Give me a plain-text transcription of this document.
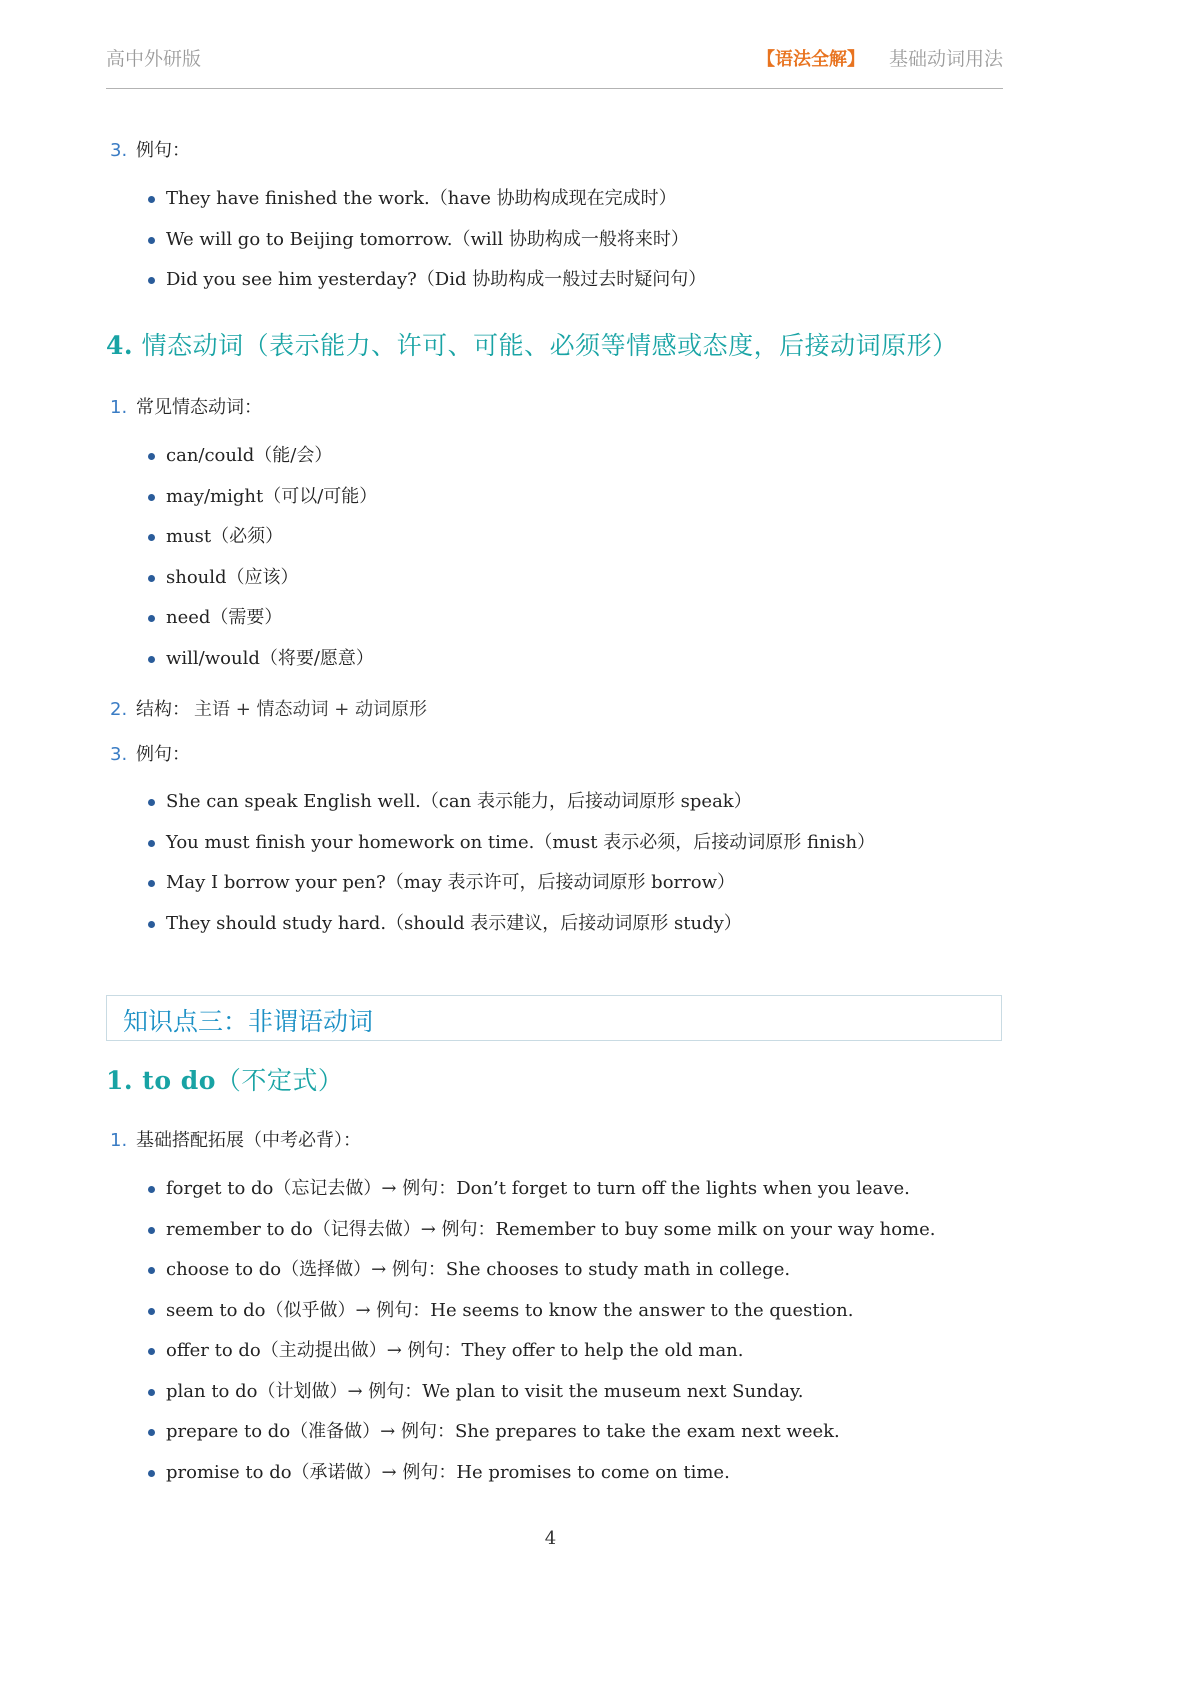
高中外研版	【语法全解】 基础动词用法
3. 例句：
They have finished the work.（have 协助构成现在完成时）
We will go to Beijing tomorrow.（will 协助构成一般将来时）
Did you see him yesterday?（Did 协助构成一般过去时疑问句）
4. 情态动词（表示能力、许可、可能、必须等情感或态度，后接动词原形）
1. 常见情态动词：
can/could（能/会）
may/might（可以/可能）
must（必须）
should（应该）
need（需要）
will/would（将要/愿意）
2. 结构： 主语 + 情态动词 + 动词原形
3. 例句：
She can speak English well.（can 表示能力，后接动词原形 speak）
You must finish your homework on time.（must 表示必须，后接动词原形 finish）
May I borrow your pen?（may 表示许可，后接动词原形 borrow）
They should study hard.（should 表示建议，后接动词原形 study）
知识点三：非谓语动词
1. to do（不定式）
1. 基础搭配拓展（中考必背）：
forget to do（忘记去做）→ 例句：Don’t forget to turn off the lights when you leave.
remember to do（记得去做）→ 例句：Remember to buy some milk on your way home.
choose to do（选择做）→ 例句：She chooses to study math in college.
seem to do（似乎做）→ 例句：He seems to know the answer to the question.
offer to do（主动提出做）→ 例句：They offer to help the old man.
plan to do（计划做）→ 例句：We plan to visit the museum next Sunday.
prepare to do（准备做）→ 例句：She prepares to take the exam next week.
promise to do（承诺做）→ 例句：He promises to come on time.
4
